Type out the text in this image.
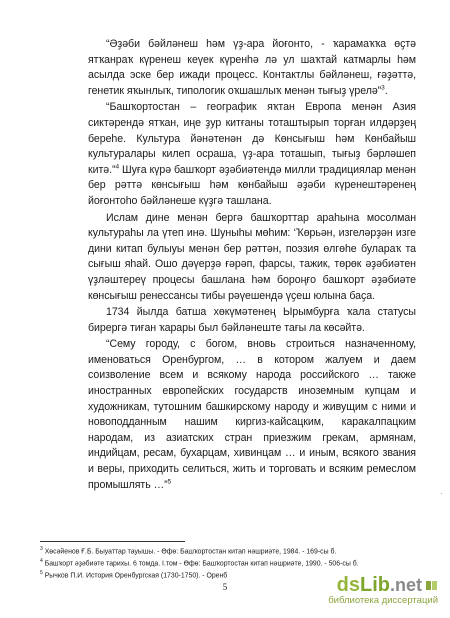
“Әҙәби бәйләнеш һәм үҙ-ара йоғонто, - ҡарамаҡҡа өҫтә ятҡанраҡ күренеш кеүек күренһә лә ул шаҡтай катмарлы һәм асылда эске бер ижади процесс. Контактлы бәйләнеш, ғәҙәттә, генетик яҡынлыҡ, типологик оҡшашлыҡ менән тығыҙ үрелә”$^3$.

“Башҡортостан – географик яҡтан Европа менән Азия сиктәрендә ятҡан, иңе ҙур китғаны тоташтырып торған илдәрҙең береһе. Культура йәнәтенән дә Көнсығыш һәм Көнбайыш культуралары килеп осраша, үҙ-ара тоташып, тығыҙ бәрләшеп китә.”$^4$ Шуға күрә башҡорт әҙәбиәтендә милли традициялар менән бер рәттә көнсығыш һәм көнбайыш әҙәби күренештәренең йоғонтоһо бәйләнеше күҙгә ташлана.

Ислам дине менән бергә башҡорттар араһына мосолман культураһы ла үтеп инә. Шуныһы мөһим: ‘Ҡөрьән, изгеләрҙән изге дини китап булыуы менән бер рәттән, поэзия өлгөһе булараҡ та сығыш яһай. Ошо дәүерҙә ғәрәп, фарсы, тажик, төрөк әҙәбиәтен үҙләштереү процесы башлана һәм бороңғо башҡорт әҙәбиәте көнсығыш ренессансы тибы рәүешендә үҫеш юлына баҫа.

1734 йылда батша хөкүмәтенең Ырымбурға ҡала статусы бирергә тиған ҡарары был бәйләнеште тағы ла көсәйтә.

“Сему городу, с богом, вновь строиться назначенному, именоваться Оренбургом, … в котором жалуем и даем соизволение всем и всякому народа российского … также иностранных европейских государств иноземным купцам и художникам, тутошним башкирскому народу и живущим с ними и новоподданным нашим киргиз-кайсацким, каракалпацким народам, из азиатских стран приезжим грекам, армянам, индийцам, ресам, бухарцам, хивинцам … и иным, всякого звания и веры, приходить селиться, жить и торговать и всяким ремеслом промышлять …”$^5$

·

$^3$ Хөсәйенов Ғ.Б. Быуаттар тауышы. - Өфө: Башҡортостан китап нәшриәте, 1984. - 169-сы б.

$^4$ Башҡорт әҙәбиәте тарихы. 6 томда. I.том - Өфө: Башҡортостан китап нәшриәте, 1990. - 506-сы б.

$^5$ Рычков П.И. История Оренбургская (1730-1750). - Оренб

5	ds Lib .net
библиотека диссертаций
